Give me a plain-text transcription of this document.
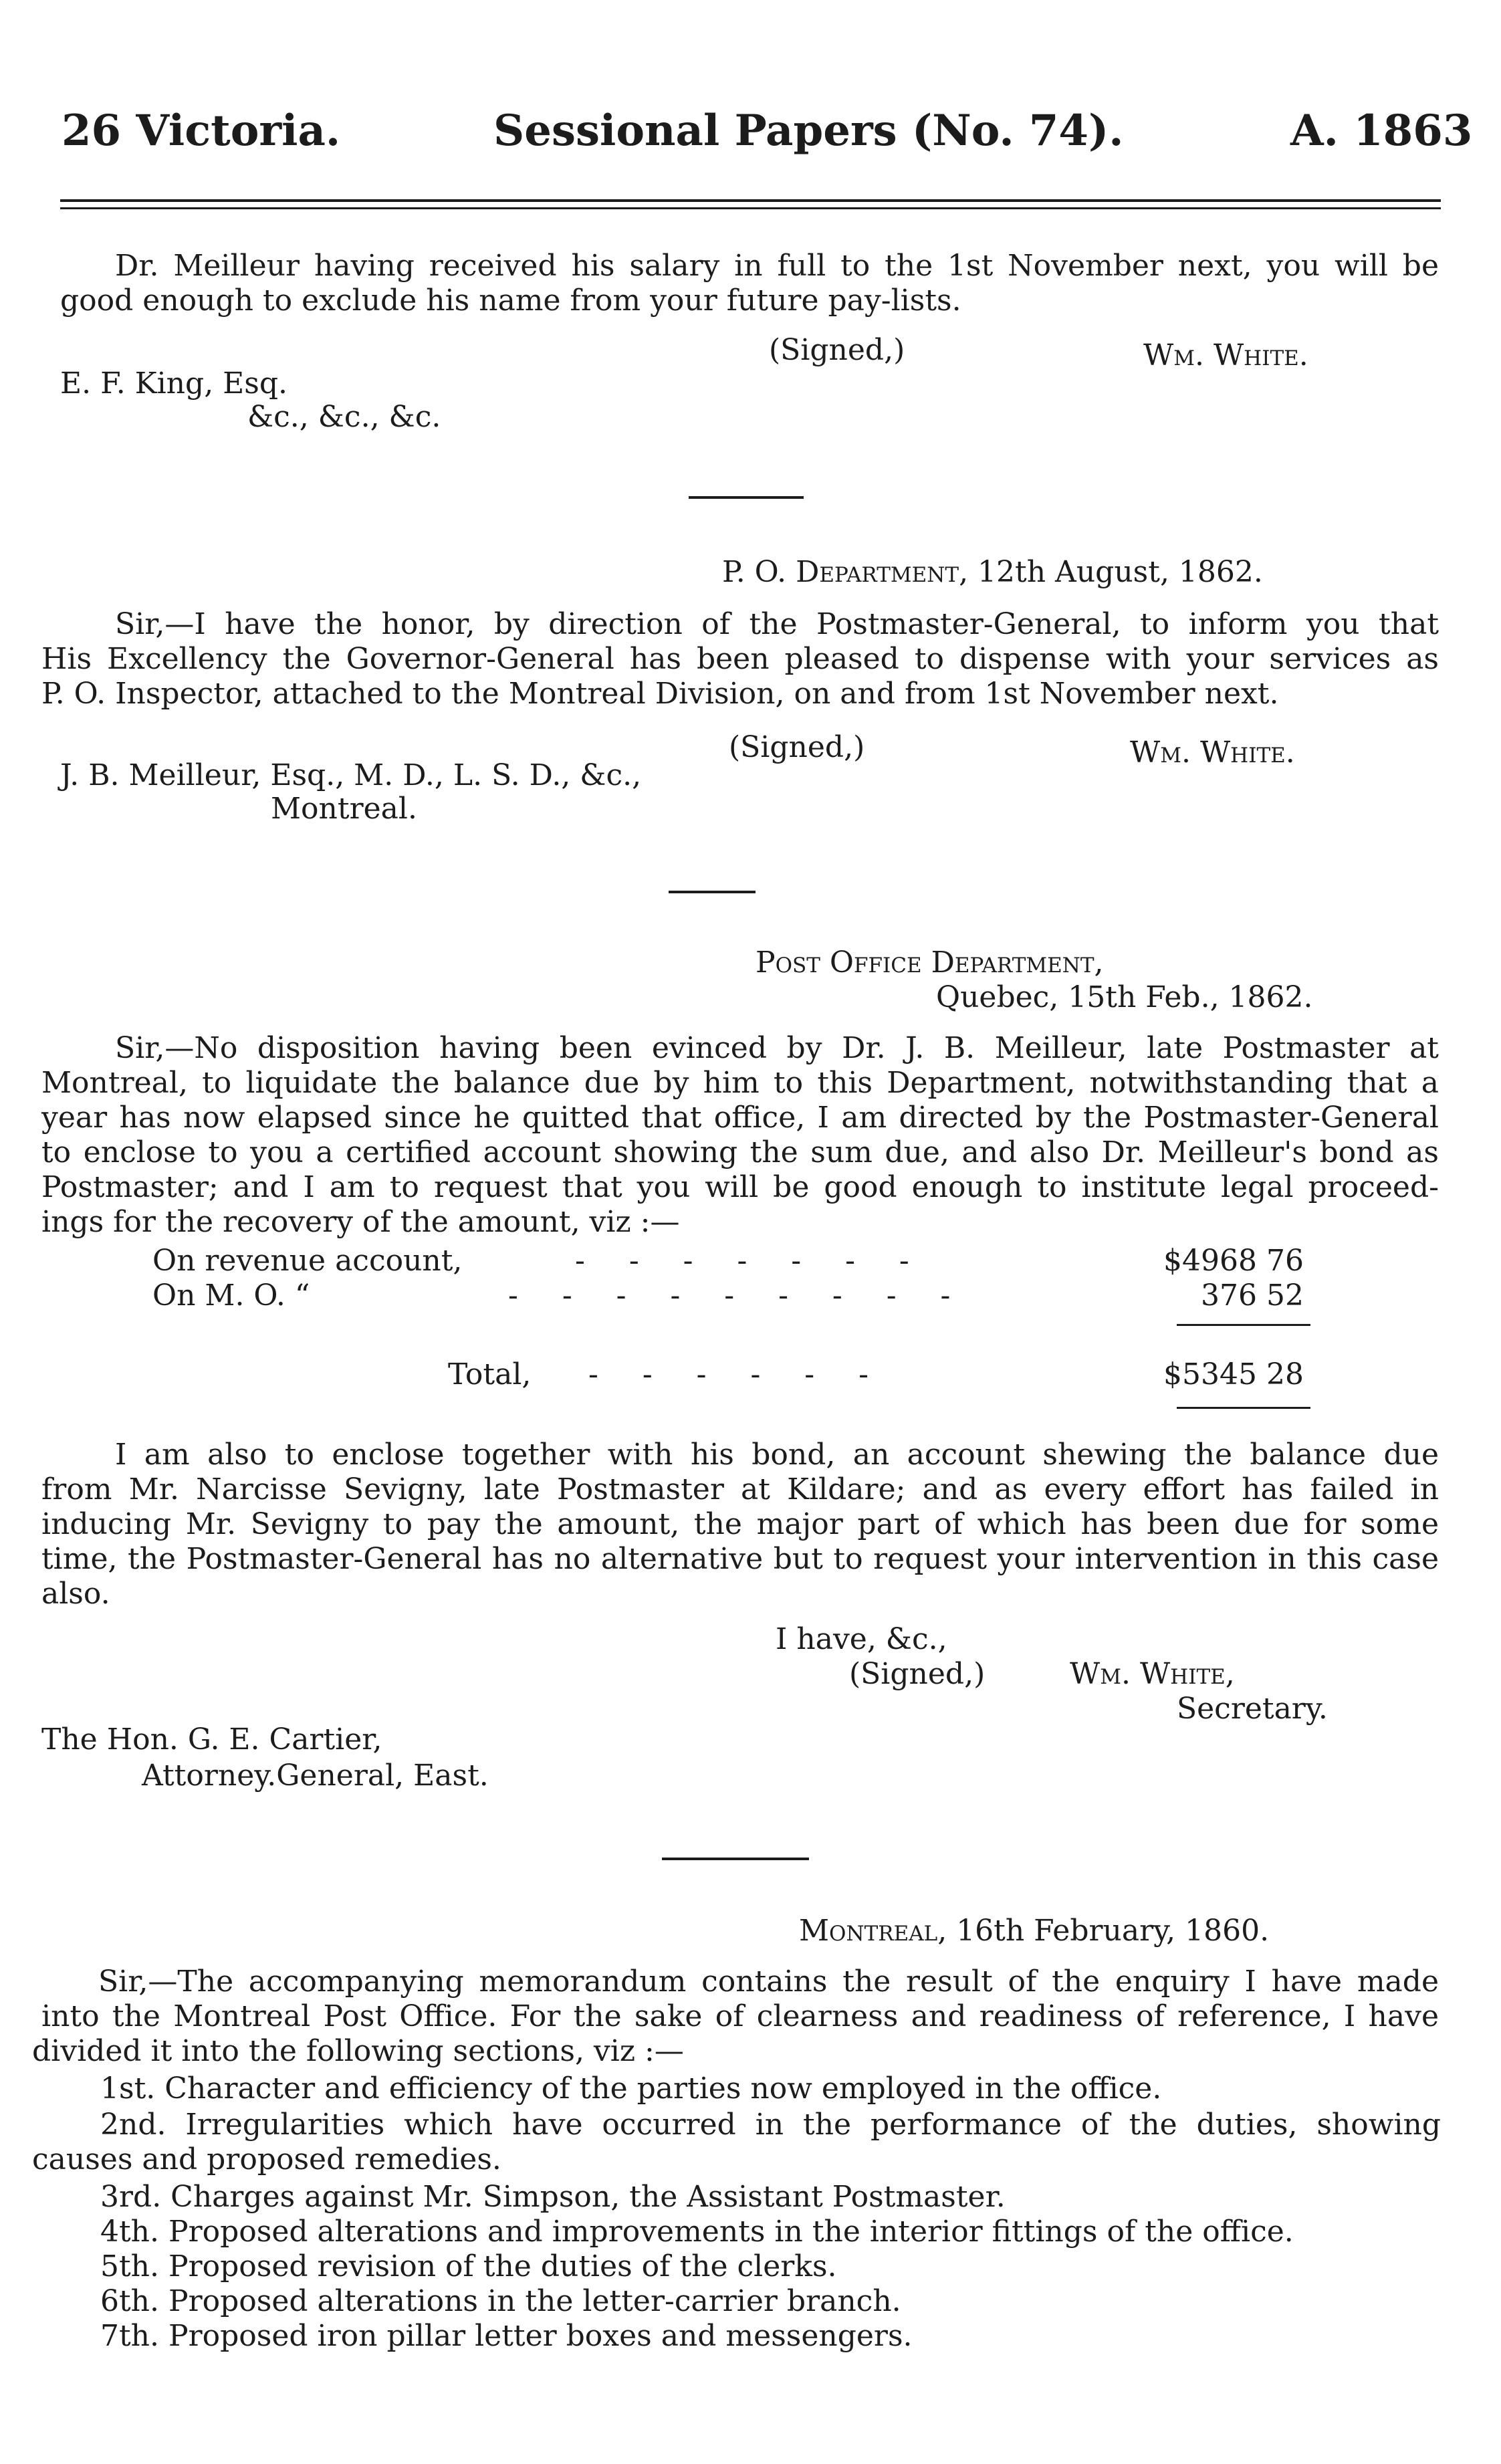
26 Victoria.	Sessional Papers (No. 74).	A. 1863
Dr. Meilleur having received his salary in full to the 1st November next, you will be
good enough to exclude his name from your future pay-lists.
(Signed,)	Wm. White.
E. F. King, Esq.
&c., &c., &c.
P. O. Department, 12th August, 1862.
Sir,—I have the honor, by direction of the Postmaster-General, to inform you that
His Excellency the Governor-General has been pleased to dispense with your services as
P. O. Inspector, attached to the Montreal Division, on and from 1st November next.
(Signed,)	Wm. White.
J. B. Meilleur, Esq., M. D., L. S. D., &c.,
Montreal.
Post Office Department,
Quebec, 15th Feb., 1862.
Sir,—No disposition having been evinced by Dr. J. B. Meilleur, late Postmaster at
Montreal, to liquidate the balance due by him to this Department, notwithstanding that a
year has now elapsed since he quitted that office, I am directed by the Postmaster-General
to enclose to you a certified account showing the sum due, and also Dr. Meilleur's bond as
Postmaster; and I am to request that you will be good enough to institute legal proceed-
ings for the recovery of the amount, viz :—
On revenue account,	-    -    -    -    -    -    -	$4968 76
On M. O. “	-    -    -    -    -    -    -    -    -	376 52
Total, -    -    -    -    -    -	$5345 28
I am also to enclose together with his bond, an account shewing the balance due
from Mr. Narcisse Sevigny, late Postmaster at Kildare; and as every effort has failed in
inducing Mr. Sevigny to pay the amount, the major part of which has been due for some
time, the Postmaster-General has no alternative but to request your intervention in this case
also.
I have, &c.,
(Signed,)	Wm. White,
Secretary.
The Hon. G. E. Cartier,
Attorney.General, East.
Montreal, 16th February, 1860.
Sir,—The accompanying memorandum contains the result of the enquiry I have made
into the Montreal Post Office. For the sake of clearness and readiness of reference, I have
divided it into the following sections, viz :—
1st. Character and efficiency of the parties now employed in the office.
2nd. Irregularities which have occurred in the performance of the duties, showing
causes and proposed remedies.
3rd. Charges against Mr. Simpson, the Assistant Postmaster.
4th. Proposed alterations and improvements in the interior fittings of the office.
5th. Proposed revision of the duties of the clerks.
6th. Proposed alterations in the letter-carrier branch.
7th. Proposed iron pillar letter boxes and messengers.
